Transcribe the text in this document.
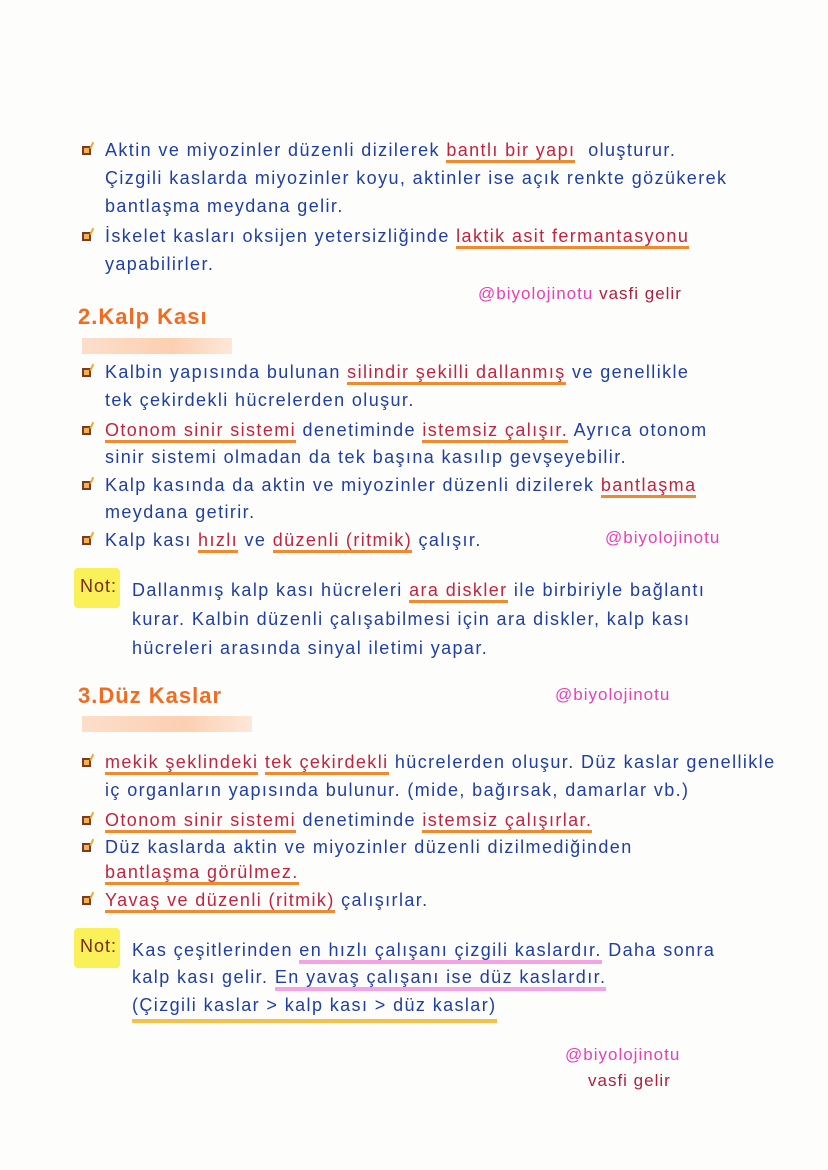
@biyolojinotu vasfi gelir
2.Kalp Kası
@biyolojinotu
Not:
3.Düz Kaslar	@biyolojinotu
Not:
@biyolojinotu
vasfi gelir
Aktin ve miyozinler düzenli dizilerek bantlı bir yapı  oluşturur.
Çizgili kaslarda miyozinler koyu, aktinler ise açık renkte gözükerek
bantlaşma meydana gelir.
İskelet kasları oksijen yetersizliğinde laktik asit fermantasyonu
yapabilirler.
Kalbin yapısında bulunan silindir şekilli dallanmış ve genellikle
tek çekirdekli hücrelerden oluşur.
Otonom sinir sistemi denetiminde istemsiz çalışır. Ayrıca otonom
sinir sistemi olmadan da tek başına kasılıp gevşeyebilir.
Kalp kasında da aktin ve miyozinler düzenli dizilerek bantlaşma
meydana getirir.
Kalp kası hızlı ve düzenli (ritmik) çalışır.
Dallanmış kalp kası hücreleri ara diskler ile birbiriyle bağlantı
kurar. Kalbin düzenli çalışabilmesi için ara diskler, kalp kası
hücreleri arasında sinyal iletimi yapar.
mekik şeklindeki tek çekirdekli hücrelerden oluşur. Düz kaslar genellikle
iç organların yapısında bulunur. (mide, bağırsak, damarlar vb.)
Otonom sinir sistemi denetiminde istemsiz çalışırlar.
Düz kaslarda aktin ve miyozinler düzenli dizilmediğinden
bantlaşma görülmez.
Yavaş ve düzenli (ritmik) çalışırlar.
Kas çeşitlerinden en hızlı çalışanı çizgili kaslardır. Daha sonra
kalp kası gelir. En yavaş çalışanı ise düz kaslardır.
(Çizgili kaslar > kalp kası > düz kaslar)
